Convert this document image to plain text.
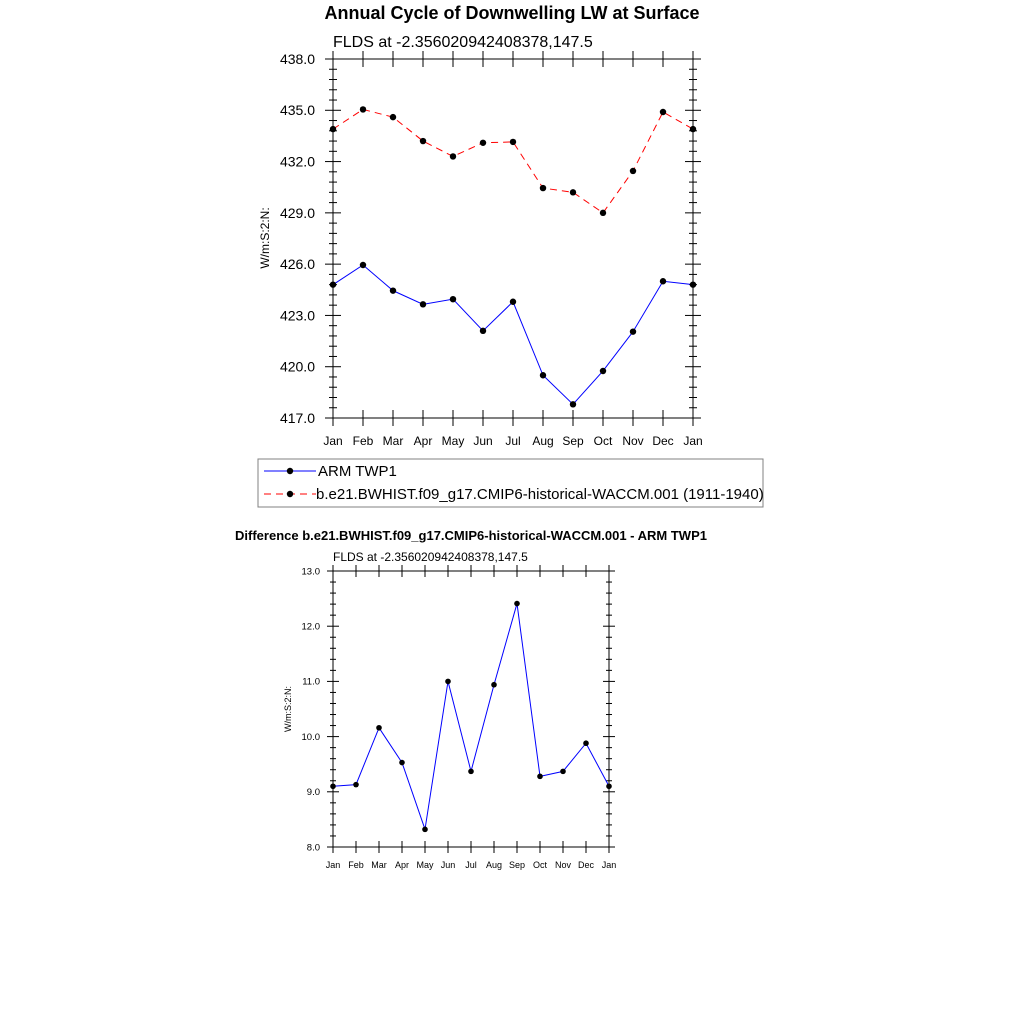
Annual Cycle of Downwelling LW at Surface
FLDS at -2.356020942408378,147.5
W/m:S:2:N:
417.0
420.0
423.0
426.0
429.0
432.0
435.0
438.0
Jan Feb Mar Apr May Jun Jul Aug Sep Oct Nov Dec Jan
ARM TWP1
b.e21.BWHIST.f09_g17.CMIP6-historical-WACCM.001 (1911-1940)
Difference b.e21.BWHIST.f09_g17.CMIP6-historical-WACCM.001 - ARM TWP1
FLDS at -2.356020942408378,147.5
W/m:S:2:N:
8.0
9.0
10.0
11.0
12.0
13.0
Jan Feb Mar Apr May Jun Jul Aug Sep Oct Nov Dec Jan
